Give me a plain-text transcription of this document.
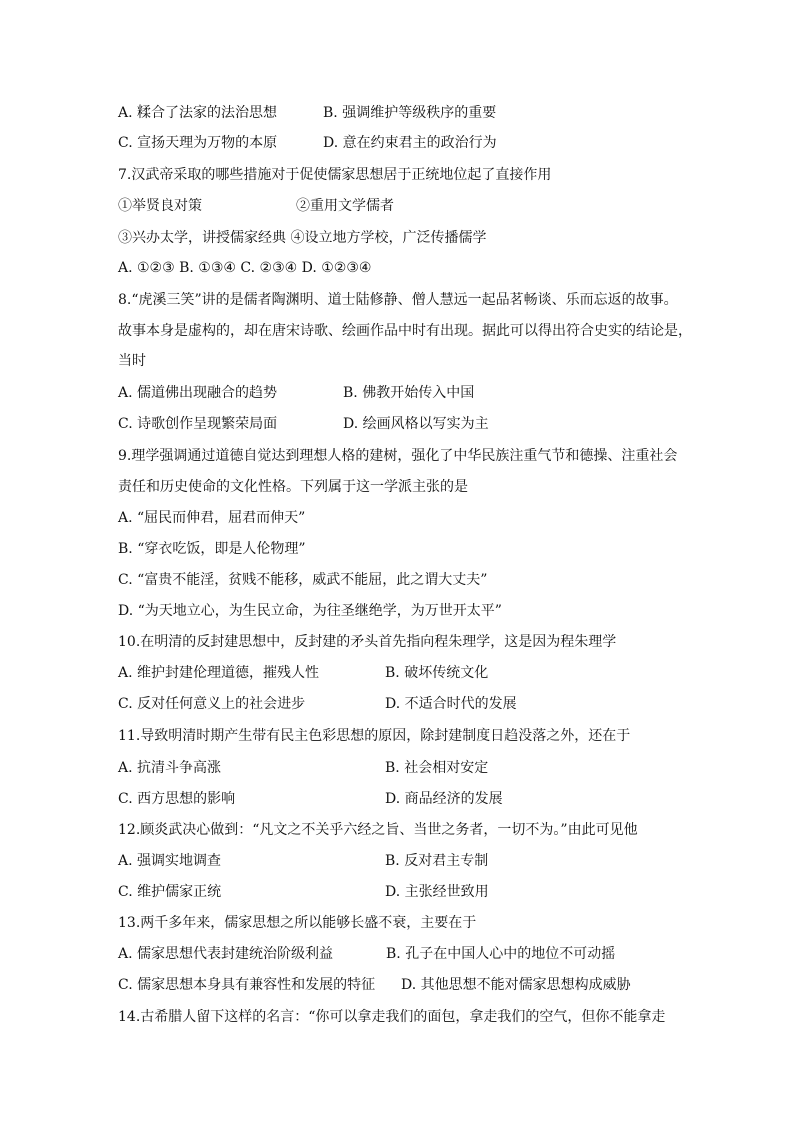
A. 糅合了法家的法治思想	B. 强调维护等级秩序的重要
C. 宣扬天理为万物的本原	D. 意在约束君主的政治行为
7.汉武帝采取的哪些措施对于促使儒家思想居于正统地位起了直接作用
①举贤良对策	②重用文学儒者
③兴办太学，讲授儒家经典 ④设立地方学校，广泛传播儒学
A. ①②③ B. ①③④ C. ②③④ D. ①②③④
8.“虎溪三笑”讲的是儒者陶渊明、道士陆修静、僧人慧远一起品茗畅谈、乐而忘返的故事。
故事本身是虚构的，却在唐宋诗歌、绘画作品中时有出现。据此可以得出符合史实的结论是，
当时
A. 儒道佛出现融合的趋势	B. 佛教开始传入中国
C. 诗歌创作呈现繁荣局面	D. 绘画风格以写实为主
9.理学强调通过道德自觉达到理想人格的建树，强化了中华民族注重气节和德操、注重社会
责任和历史使命的文化性格。下列属于这一学派主张的是
A. “屈民而伸君，屈君而伸天”
B. “穿衣吃饭，即是人伦物理”
C. “富贵不能淫，贫贱不能移，威武不能屈，此之谓大丈夫”
D. “为天地立心，为生民立命，为往圣继绝学，为万世开太平”
10.在明清的反封建思想中，反封建的矛头首先指向程朱理学，这是因为程朱理学
A. 维护封建伦理道德，摧残人性	B. 破坏传统文化
C. 反对任何意义上的社会进步	D. 不适合时代的发展
11.导致明清时期产生带有民主色彩思想的原因，除封建制度日趋没落之外，还在于
A. 抗清斗争高涨	B. 社会相对安定
C. 西方思想的影响	D. 商品经济的发展
12.顾炎武决心做到：“凡文之不关乎六经之旨、当世之务者，一切不为。”由此可见他
A. 强调实地调查	B. 反对君主专制
C. 维护儒家正统	D. 主张经世致用
13.两千多年来，儒家思想之所以能够长盛不衰，主要在于
A. 儒家思想代表封建统治阶级利益	B. 孔子在中国人心中的地位不可动摇
C. 儒家思想本身具有兼容性和发展的特征 D. 其他思想不能对儒家思想构成威胁
14.古希腊人留下这样的名言：“你可以拿走我们的面包，拿走我们的空气，但你不能拿走
